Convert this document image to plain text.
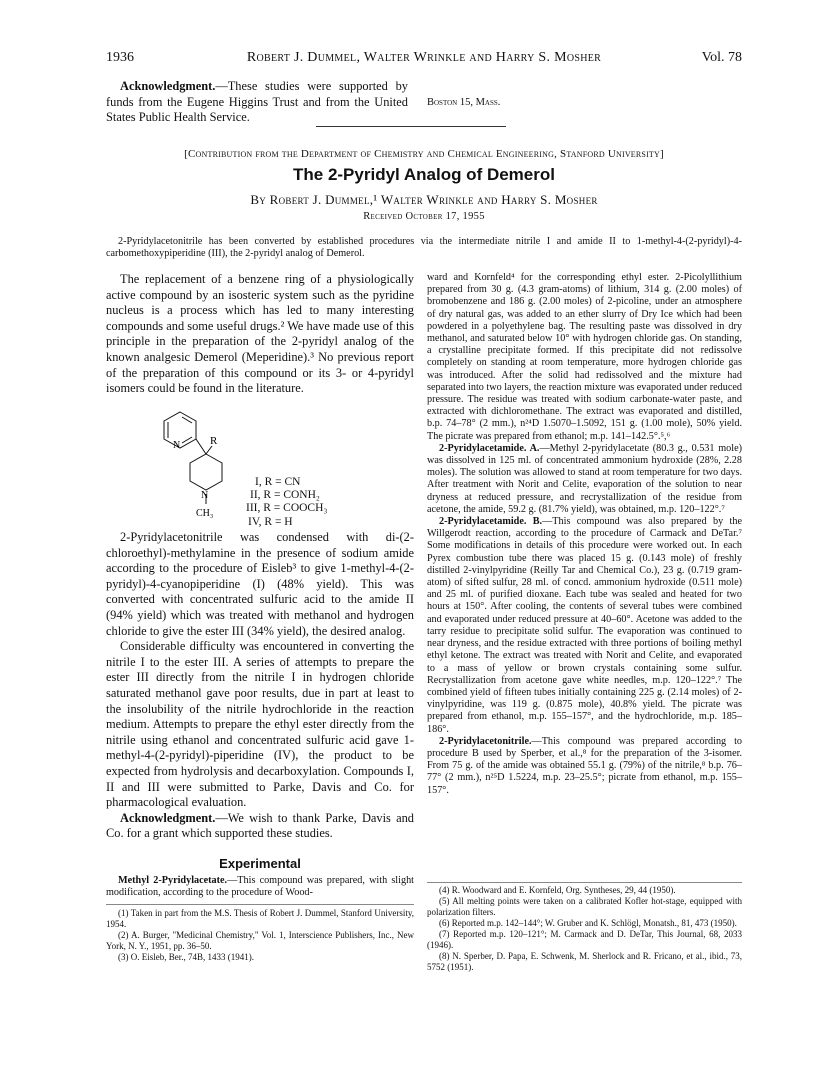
1936	Robert J. Dummel, Walter Wrinkle and Harry S. Mosher	Vol. 78

Acknowledgment.—These studies were supported by funds from the Eugene Higgins Trust and from the United States Public Health Service.

Boston 15, Mass.
[Contribution from the Department of Chemistry and Chemical Engineering, Stanford University]
The 2-Pyridyl Analog of Demerol
By Robert J. Dummel,¹ Walter Wrinkle and Harry S. Mosher
Received October 17, 1955
2-Pyridylacetonitrile has been converted by established procedures via the intermediate nitrile I and amide II to 1-methyl-4-(2-pyridyl)-4-carbomethoxypiperidine (III), the 2-pyridyl analog of Demerol.

The replacement of a benzene ring of a physiologically active compound by an isosteric system such as the pyridine nucleus is a process which has led to many interesting compounds and some useful drugs.² We have made use of this principle in the preparation of the 2-pyridyl analog of the known analgesic Demerol (Meperidine).³ No previous report of the preparation of this compound or its 3- or 4-pyridyl isomers could be found in the literature.

N	R
N
CH₃
I, R = CN
II, R = CONH₂
III, R = COOCH₃
IV, R = H

2-Pyridylacetonitrile was condensed with di-(2-chloroethyl)-methylamine in the presence of sodium amide according to the procedure of Eisleb³ to give 1-methyl-4-(2-pyridyl)-4-cyanopiperidine (I) (48% yield). This was converted with concentrated sulfuric acid to the amide II (94% yield) which was treated with methanol and hydrogen chloride to give the ester III (34% yield), the desired analog.

Considerable difficulty was encountered in converting the nitrile I to the ester III. A series of attempts to prepare the ester III directly from the nitrile I in hydrogen chloride saturated methanol gave poor results, due in part at least to the insolubility of the nitrile hydrochloride in the reaction medium. Attempts to prepare the ethyl ester directly from the nitrile using ethanol and concentrated sulfuric acid gave 1-methyl-4-(2-pyridyl)-piperidine (IV), the product to be expected from hydrolysis and decarboxylation. Compounds I, II and III were submitted to Parke, Davis and Co. for pharmacological evaluation.

Acknowledgment.—We wish to thank Parke, Davis and Co. for a grant which supported these studies.

Experimental

Methyl 2-Pyridylacetate.—This compound was prepared, with slight modification, according to the procedure of Wood-

(1) Taken in part from the M.S. Thesis of Robert J. Dummel, Stanford University, 1954.

(2) A. Burger, "Medicinal Chemistry," Vol. 1, Interscience Publishers, Inc., New York, N. Y., 1951, pp. 36–50.

(3) O. Eisleb, Ber., 74B, 1433 (1941).

ward and Kornfeld⁴ for the corresponding ethyl ester. 2-Picolyllithium prepared from 30 g. (4.3 gram-atoms) of lithium, 314 g. (2.00 moles) of bromobenzene and 186 g. (2.00 moles) of 2-picoline, under an atmosphere of dry natural gas, was added to an ether slurry of Dry Ice which had been powdered in a polyethylene bag. The resulting paste was dissolved in dry methanol, and saturated below 10° with hydrogen chloride gas. On standing, a crystalline precipitate formed. If this precipitate did not redissolve completely on standing at room temperature, more hydrogen chloride gas was introduced. After the solid had redissolved and the mixture had separated into two layers, the reaction mixture was evaporated under reduced pressure. The residue was treated with sodium carbonate-water paste, and extracted with dichloromethane. The extract was evaporated and distilled, b.p. 74–78° (2 mm.), n²⁴D 1.5070–1.5092, 151 g. (1.00 mole), 50% yield. The picrate was prepared from ethanol; m.p. 141–142.5°.⁵,⁶

2-Pyridylacetamide. A.—Methyl 2-pyridylacetate (80.3 g., 0.531 mole) was dissolved in 125 ml. of concentrated ammonium hydroxide (28%, 2.28 moles). The solution was allowed to stand at room temperature for two days. After treatment with Norit and Celite, evaporation of the solution to near dryness at reduced pressure, and recrystallization of the residue from acetone, the amide, 59.2 g. (81.7% yield), was obtained, m.p. 120–122°.⁷

2-Pyridylacetamide. B.—This compound was also prepared by the Willgerodt reaction, according to the procedure of Carmack and DeTar.⁷ Some modifications in details of this procedure were worked out. In each Pyrex combustion tube there was placed 15 g. (0.143 mole) of freshly distilled 2-vinylpyridine (Reilly Tar and Chemical Co.), 23 g. (0.719 gram-atom) of sifted sulfur, 28 ml. of concd. ammonium hydroxide (0.511 mole) and 25 ml. of purified dioxane. Each tube was sealed and heated for two hours at 150°. After cooling, the contents of several tubes were combined and evaporated under reduced pressure at 40–60°. Acetone was added to the tarry residue to precipitate solid sulfur. The evaporation was continued to near dryness, and the residue extracted with three portions of boiling methyl ethyl ketone. The extract was treated with Norit and Celite, and evaporated to a mass of yellow or brown crystals containing some sulfur. Recrystallization from acetone gave white needles, m.p. 120–122°.⁷ The combined yield of fifteen tubes initially containing 225 g. (2.14 moles) of 2-vinylpyridine, was 119 g. (0.875 mole), 40.8% yield. The picrate was prepared from ethanol, m.p. 155–157°, and the hydrochloride, m.p. 185–186°.

2-Pyridylacetonitrile.—This compound was prepared according to procedure B used by Sperber, et al.,⁸ for the preparation of the 3-isomer. From 75 g. of the amide was obtained 55.1 g. (79%) of the nitrile,⁸ b.p. 76–77° (2 mm.), n²⁵D 1.5224, m.p. 23–25.5°; picrate from ethanol, m.p. 155–157°.

(4) R. Woodward and E. Kornfeld, Org. Syntheses, 29, 44 (1950).

(5) All melting points were taken on a calibrated Kofler hot-stage, equipped with polarization filters.

(6) Reported m.p. 142–144°; W. Gruber and K. Schlögl, Monatsh., 81, 473 (1950).

(7) Reported m.p. 120–121°; M. Carmack and D. DeTar, This Journal, 68, 2033 (1946).

(8) N. Sperber, D. Papa, E. Schwenk, M. Sherlock and R. Fricano, et al., ibid., 73, 5752 (1951).
